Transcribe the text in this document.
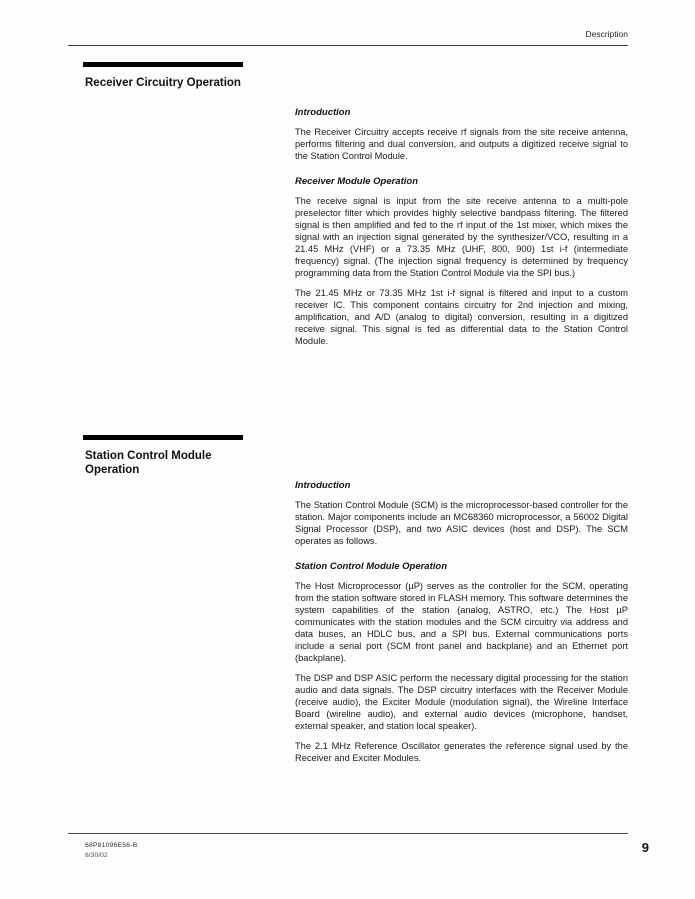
Description
Receiver Circuitry Operation
Introduction

The Receiver Circuitry accepts receive rf signals from the site receive antenna, performs filtering and dual conversion, and outputs a digitized receive signal to the Station Control Module.

Receiver Module Operation

The receive signal is input from the site receive antenna to a multi-pole preselector filter which provides highly selective bandpass filtering. The filtered signal is then amplified and fed to the rf input of the 1st mixer, which mixes the signal with an injection signal generated by the synthesizer/VCO, resulting in a 21.45 MHz (VHF) or a 73.35 MHz (UHF, 800, 900) 1st i-f (intermediate frequency) signal. (The injection signal frequency is determined by frequency programming data from the Station Control Module via the SPI bus.)

The 21.45 MHz or 73.35 MHz 1st i-f signal is filtered and input to a custom receiver IC. This component contains circuitry for 2nd injection and mixing, amplification, and A/D (analog to digital) conversion, resulting in a digitized receive signal. This signal is fed as differential data to the Station Control Module.

Station Control Module Operation
Introduction

The Station Control Module (SCM) is the microprocessor-based controller for the station. Major components include an MC68360 microprocessor, a 56002 Digital Signal Processor (DSP), and two ASIC devices (host and DSP). The SCM operates as follows.

Station Control Module Operation

The Host Microprocessor (µP) serves as the controller for the SCM, operating from the station software stored in FLASH memory. This software determines the system capabilities of the station (analog, ASTRO, etc.) The Host µP communicates with the station modules and the SCM circuitry via address and data buses, an HDLC bus, and a SPI bus. External communications ports include a serial port (SCM front panel and backplane) and an Ethernet port (backplane).

The DSP and DSP ASIC perform the necessary digital processing for the station audio and data signals. The DSP circuitry interfaces with the Receiver Module (receive audio), the Exciter Module (modulation signal), the Wireline Interface Board (wireline audio), and external audio devices (microphone, handset, external speaker, and station local speaker).

The 2.1 MHz Reference Oscillator generates the reference signal used by the Receiver and Exciter Modules.

68P81096E56-B
8/30/02
9
